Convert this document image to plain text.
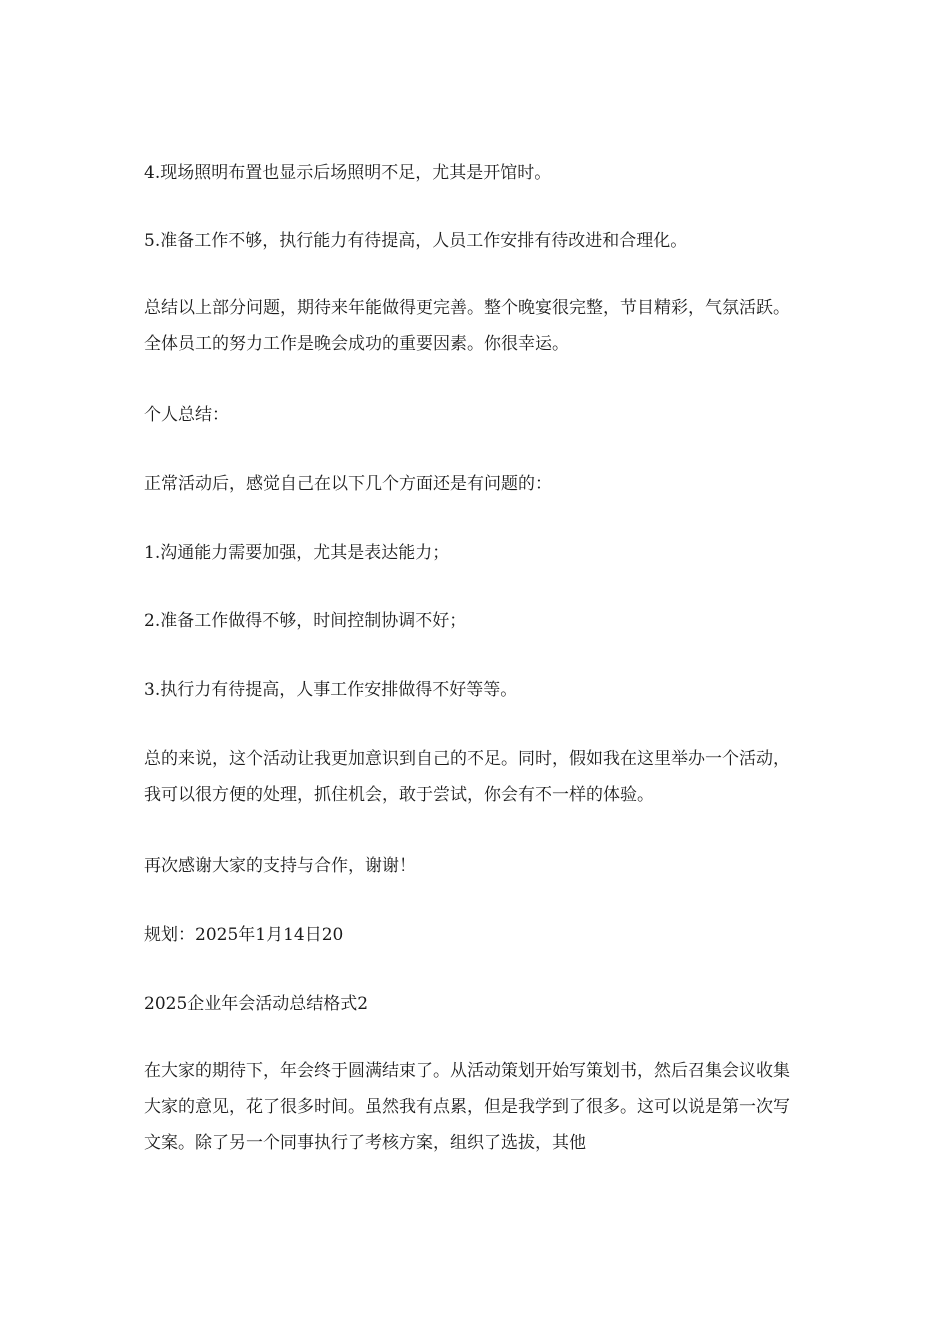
4.现场照明布置也显示后场照明不足，尤其是开馆时。

5.准备工作不够，执行能力有待提高，人员工作安排有待改进和合理化。

总结以上部分问题，期待来年能做得更完善。整个晚宴很完整，节目精彩，气氛活跃。全体员工的努力工作是晚会成功的重要因素。你很幸运。

个人总结：

正常活动后，感觉自己在以下几个方面还是有问题的：

1.沟通能力需要加强，尤其是表达能力；

2.准备工作做得不够，时间控制协调不好；

3.执行力有待提高，人事工作安排做得不好等等。

总的来说，这个活动让我更加意识到自己的不足。同时，假如我在这里举办一个活动，我可以很方便的处理，抓住机会，敢于尝试，你会有不一样的体验。

再次感谢大家的支持与合作，谢谢！

规划：2025年1月14日20

2025企业年会活动总结格式2

在大家的期待下，年会终于圆满结束了。从活动策划开始写策划书，然后召集会议收集大家的意见，花了很多时间。虽然我有点累，但是我学到了很多。这可以说是第一次写文案。除了另一个同事执行了考核方案，组织了选拔，其他
